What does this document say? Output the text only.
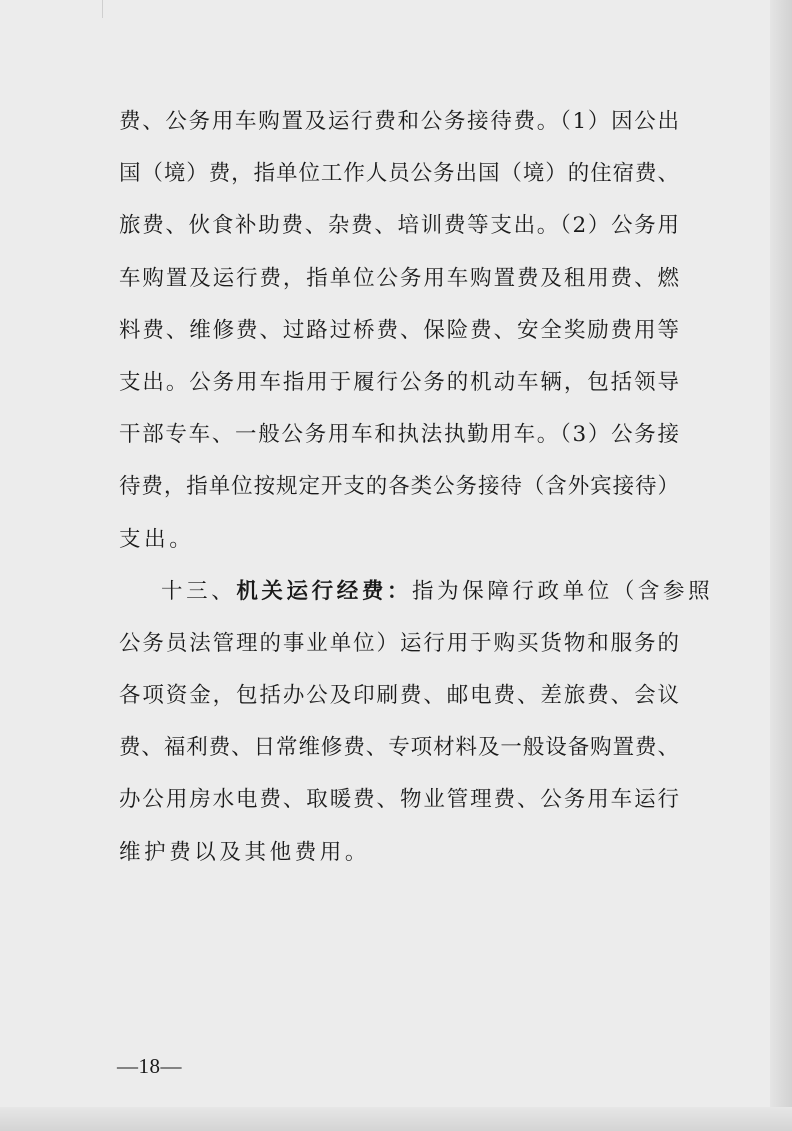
费、公务用车购置及运行费和公务接待费。（1）因公出
国（境）费，指单位工作人员公务出国（境）的住宿费、
旅费、伙食补助费、杂费、培训费等支出。（2）公务用
车购置及运行费，指单位公务用车购置费及租用费、燃
料费、维修费、过路过桥费、保险费、安全奖励费用等
支出。公务用车指用于履行公务的机动车辆，包括领导
干部专车、一般公务用车和执法执勤用车。（3）公务接
待费，指单位按规定开支的各类公务接待（含外宾接待）
支出。
十三、机关运行经费：指为保障行政单位（含参照
公务员法管理的事业单位）运行用于购买货物和服务的
各项资金，包括办公及印刷费、邮电费、差旅费、会议
费、福利费、日常维修费、专项材料及一般设备购置费、
办公用房水电费、取暖费、物业管理费、公务用车运行
维护费以及其他费用。
—18—
